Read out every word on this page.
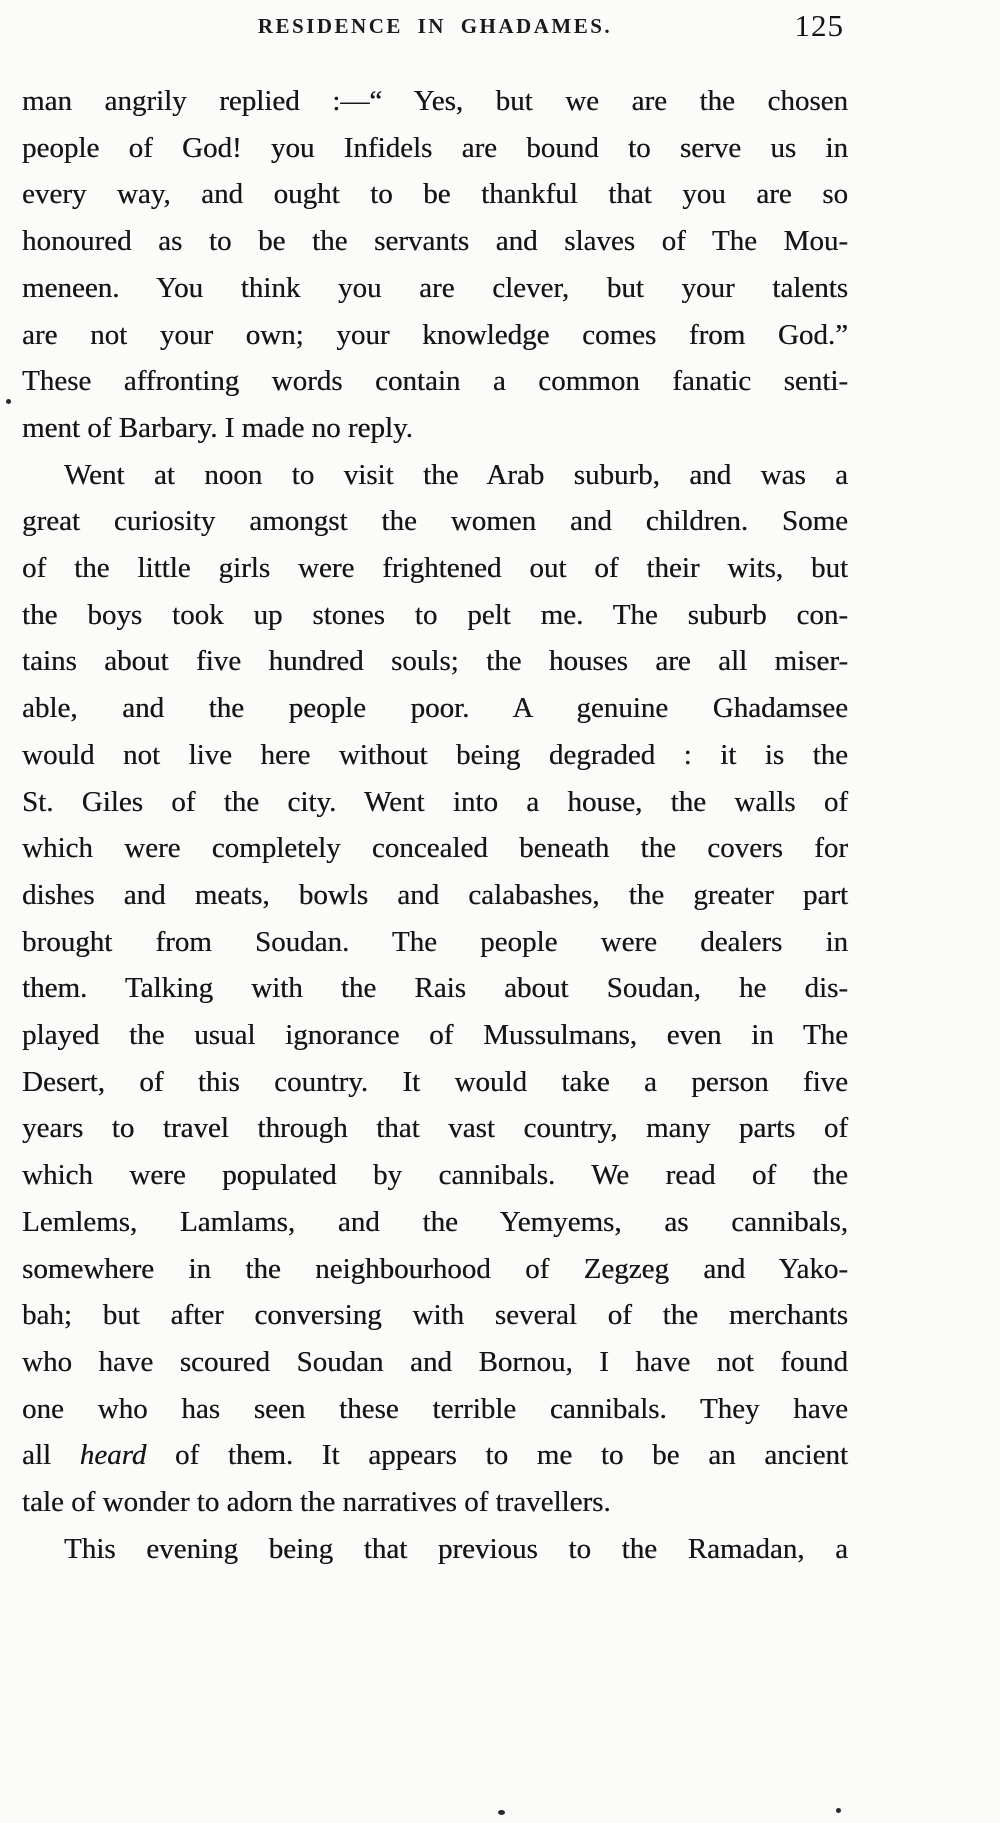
RESIDENCE IN GHADAMES.	125
man angrily replied :—“ Yes, but we are the chosen
people of God! you Infidels are bound to serve us in
every way, and ought to be thankful that you are so
honoured as to be the servants and slaves of The Mou-
meneen. You think you are clever, but your talents
are not your own; your knowledge comes from God.”
These affronting words contain a common fanatic senti-
ment of Barbary. I made no reply.
Went at noon to visit the Arab suburb, and was a
great curiosity amongst the women and children. Some
of the little girls were frightened out of their wits, but
the boys took up stones to pelt me. The suburb con-
tains about five hundred souls; the houses are all miser-
able, and the people poor. A genuine Ghadamsee
would not live here without being degraded : it is the
St. Giles of the city. Went into a house, the walls of
which were completely concealed beneath the covers for
dishes and meats, bowls and calabashes, the greater part
brought from Soudan. The people were dealers in
them. Talking with the Rais about Soudan, he dis-
played the usual ignorance of Mussulmans, even in The
Desert, of this country. It would take a person five
years to travel through that vast country, many parts of
which were populated by cannibals. We read of the
Lemlems, Lamlams, and the Yemyems, as cannibals,
somewhere in the neighbourhood of Zegzeg and Yako-
bah; but after conversing with several of the merchants
who have scoured Soudan and Bornou, I have not found
one who has seen these terrible cannibals. They have
all heard of them. It appears to me to be an ancient
tale of wonder to adorn the narratives of travellers.
This evening being that previous to the Ramadan, a
